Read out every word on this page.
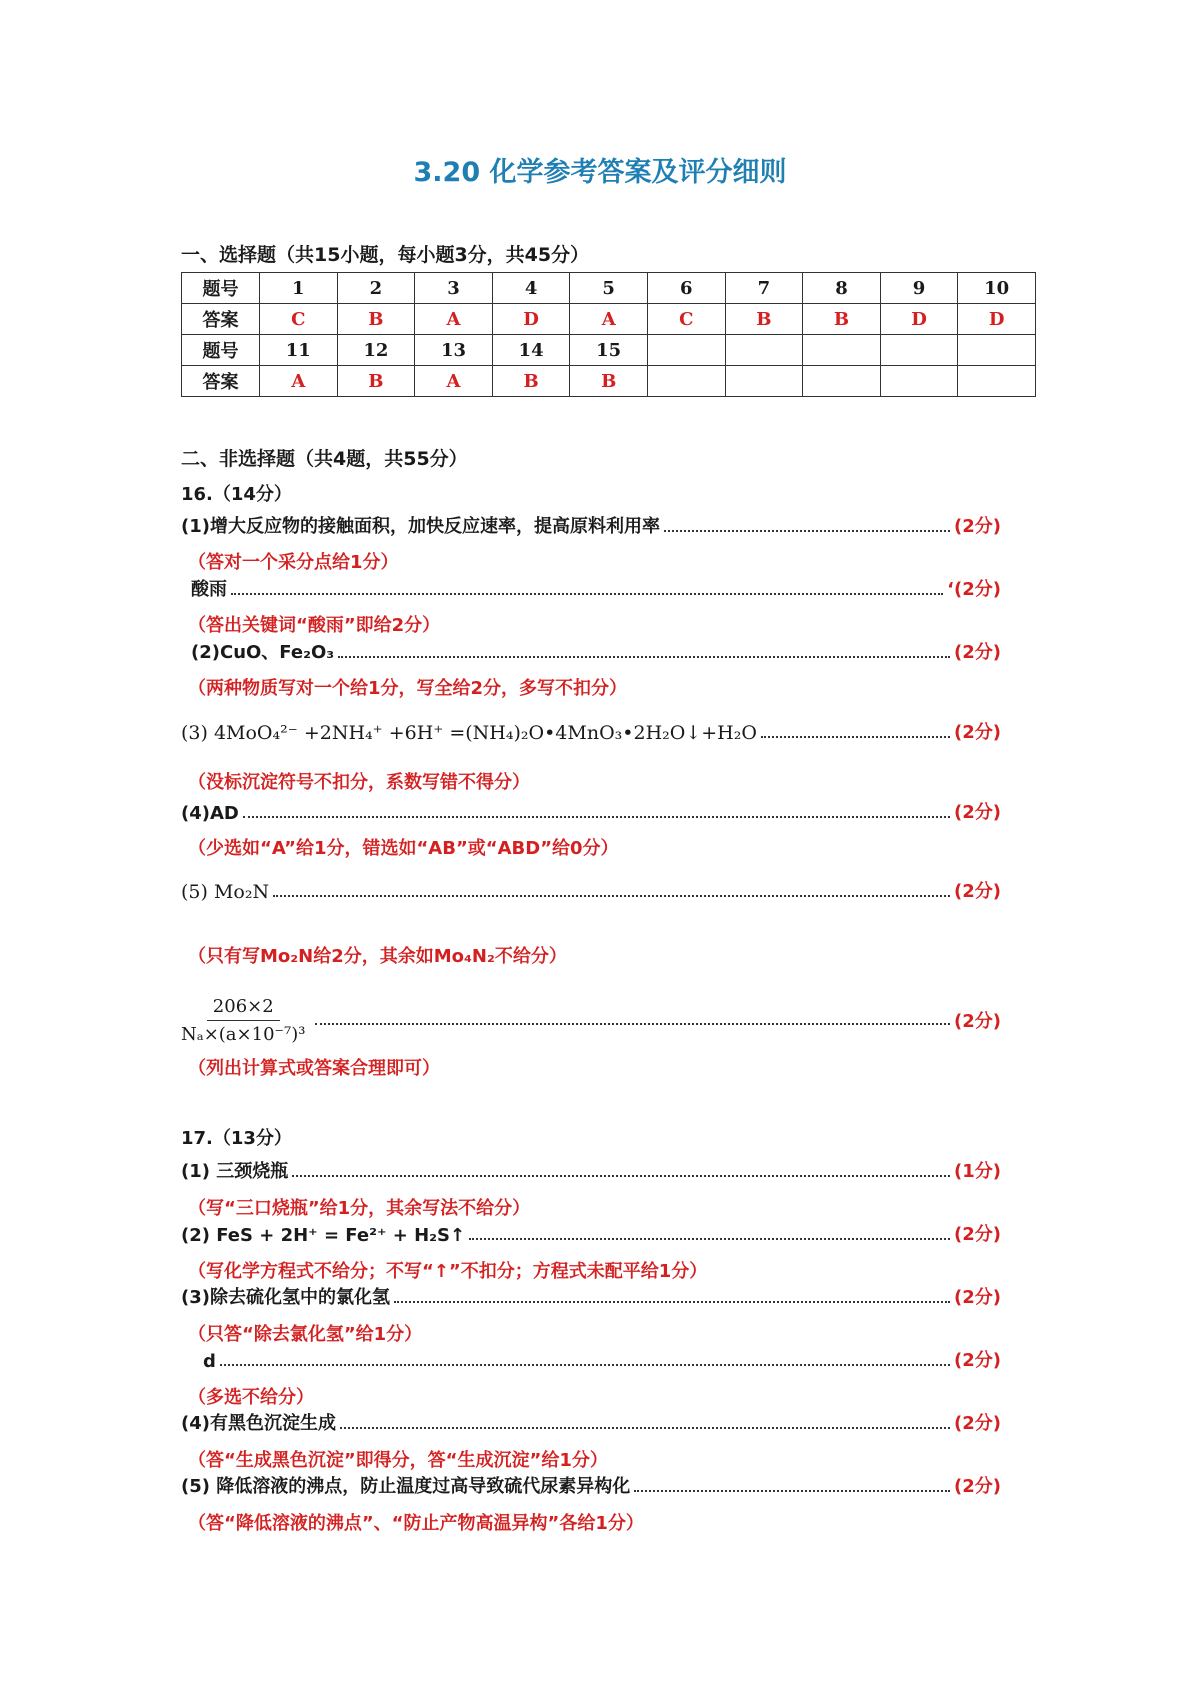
3.20 化学参考答案及评分细则
一、选择题（共15小题，每小题3分，共45分）
题号	1	2	3	4	5	6	7	8	9	10
答案	C	B	A	D	A	C	B	B	D	D
题号	11	12	13	14	15					
答案	A	B	A	B	B					
二、非选择题（共4题，共55分）
16.（14分）
(1)增大反应物的接触面积，加快反应速率，提高原料利用率	(2分)
（答对一个采分点给1分）
酸雨	‘(2分)
（答出关键词“酸雨”即给2分）
(2)CuO、Fe₂O₃	(2分)
（两种物质写对一个给1分，写全给2分，多写不扣分）
(3) 4MoO₄²⁻ +2NH₄⁺ +6H⁺ =(NH₄)₂O•4MnO₃•2H₂O↓+H₂O	(2分)
（没标沉淀符号不扣分，系数写错不得分）
(4)AD	(2分)
（少选如“A”给1分，错选如“AB”或“ABD”给0分）
(5) Mo₂N	(2分)
（只有写Mo₂N给2分，其余如Mo₄N₂不给分）
$\frac{206\times 2}{\text{Nₐ×(a×10⁻⁷)³}}$	(2分)
（列出计算式或答案合理即可）
17.（13分）
(1) 三颈烧瓶	(1分)
（写“三口烧瓶”给1分，其余写法不给分）
(2) FeS + 2H⁺ = Fe²⁺ + H₂S↑	(2分)
（写化学方程式不给分；不写“↑”不扣分；方程式未配平给1分）
(3)除去硫化氢中的氯化氢	(2分)
（只答“除去氯化氢”给1分）
d	(2分)
（多选不给分）
(4)有黑色沉淀生成	(2分)
（答“生成黑色沉淀”即得分，答“生成沉淀”给1分）
(5) 降低溶液的沸点，防止温度过高导致硫代尿素异构化	(2分)
（答“降低溶液的沸点”、“防止产物高温异构”各给1分）
